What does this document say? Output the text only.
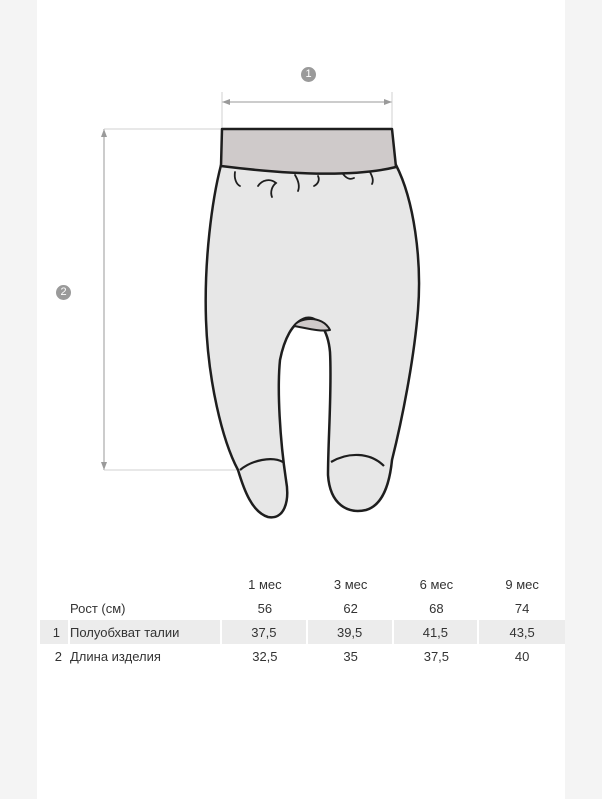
1
2
		1 мес	3 мес	6 мес	9 мес
	Рост (см)	56	62	68	74
1	Полуобхват талии	37,5	39,5	41,5	43,5
2	Длина изделия	32,5	35	37,5	40
